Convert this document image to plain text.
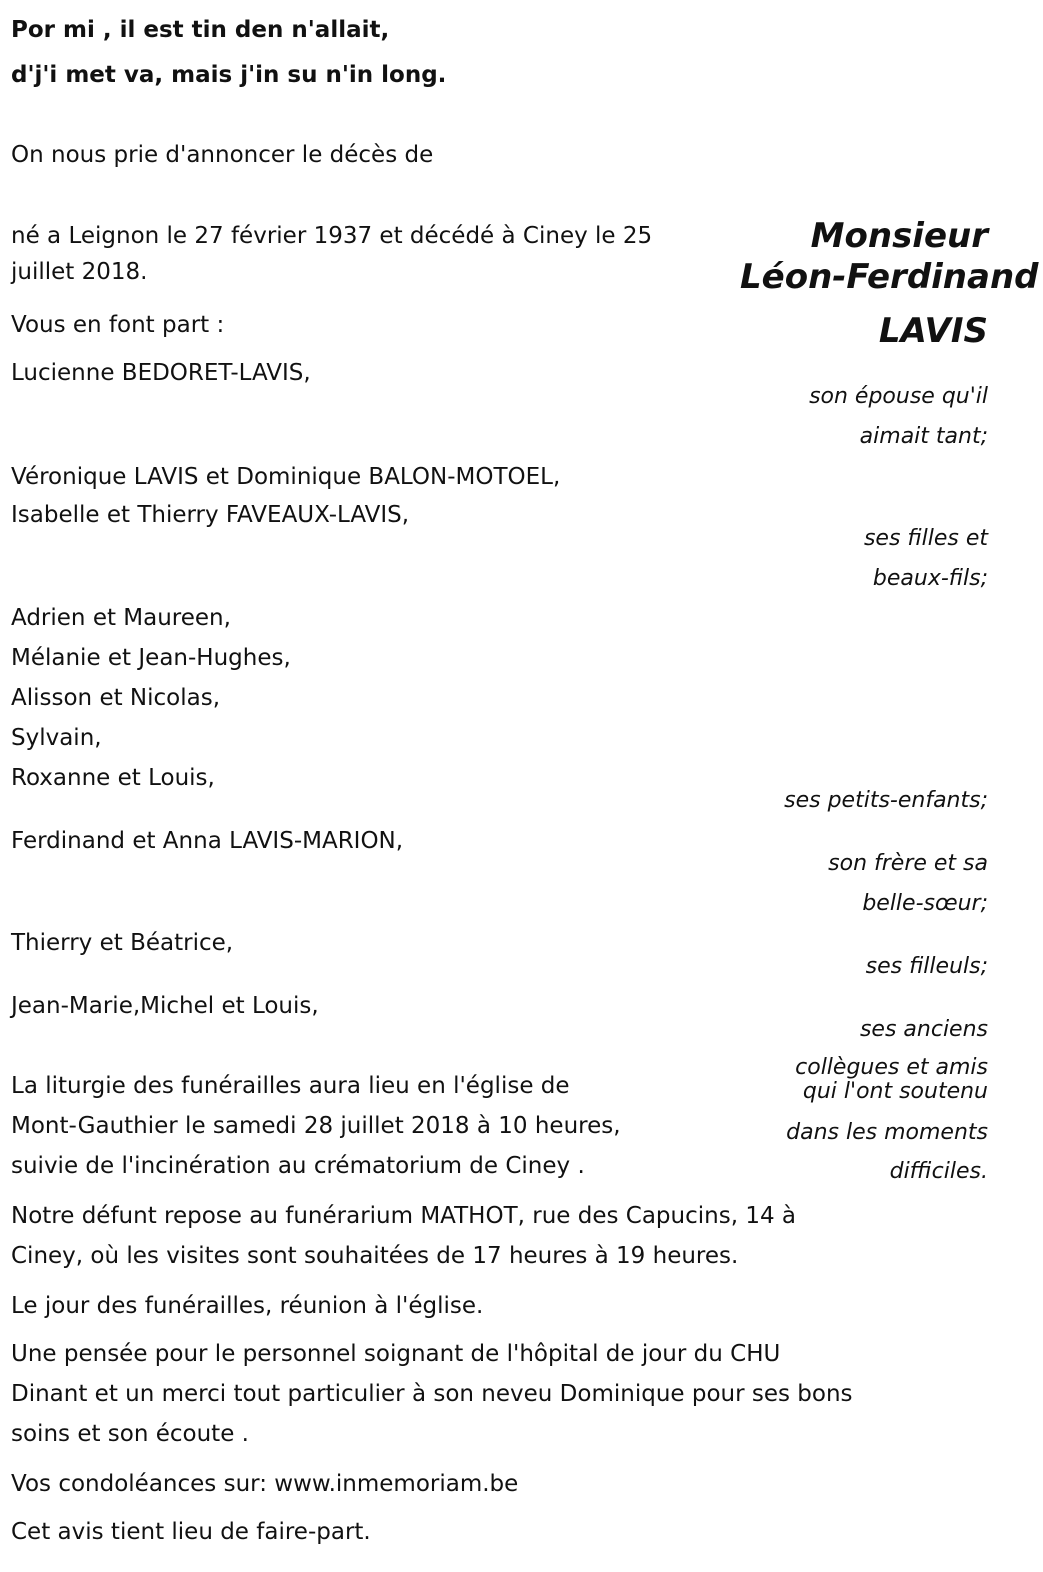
Por mi , il est tin den n'allait,
d'j'i met va, mais j'in su n'in long.
On nous prie d'annoncer le décès de
né a Leignon le 27 février 1937 et décédé à Ciney le 25
juillet 2018.
Monsieur
Léon-Ferdinand
LAVIS
Vous en font part :
Lucienne BEDORET-LAVIS,
son épouse qu'il
aimait tant;
Véronique LAVIS et Dominique BALON-MOTOEL,
Isabelle et Thierry FAVEAUX-LAVIS,
ses filles et
beaux-fils;
Adrien et Maureen,
Mélanie et Jean-Hughes,
Alisson et Nicolas,
Sylvain,
Roxanne et Louis,
ses petits-enfants;
Ferdinand et Anna LAVIS-MARION,
son frère et sa
belle-sœur;
Thierry et Béatrice,
ses filleuls;
Jean-Marie,Michel et Louis,
ses anciens
collègues et amis
qui l'ont soutenu
dans les moments
difficiles.
La liturgie des funérailles aura lieu en l'église de
Mont-Gauthier le samedi 28 juillet 2018 à 10 heures,
suivie de l'incinération au crématorium de Ciney .
Notre défunt repose au funérarium MATHOT, rue des Capucins, 14 à
Ciney, où les visites sont souhaitées de 17 heures à 19 heures.
Le jour des funérailles, réunion à l'église.
Une pensée pour le personnel soignant de l'hôpital de jour du CHU
Dinant et un merci tout particulier à son neveu Dominique pour ses bons
soins et son écoute .
Vos condoléances sur: www.inmemoriam.be
Cet avis tient lieu de faire-part.
